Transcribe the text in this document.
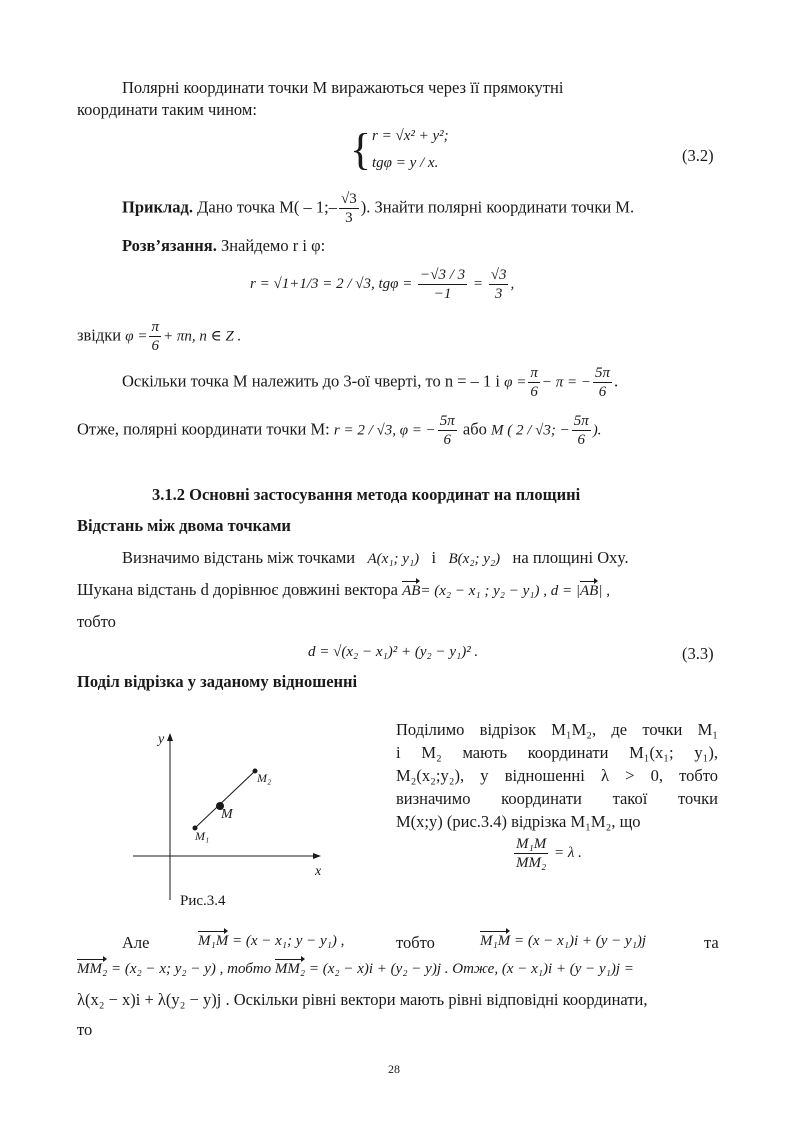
Полярні координати точки M виражаються через її прямокутні
координати таким чином:
{ r = √x² + y²;
tgφ = y / x.	(3.2)
Приклад. Дано точка M( – 1;– $\frac{√3}{3}$ ). Знайти полярні координати точки M.
Розв’язання. Знайдемо r і φ:
r = √1+1/3 = 2 / √3, $tg\varphi = \frac{-√3 / 3}{-1} = \frac{√3}{3}$ ,
звідки $\varphi = \frac{\pi}{6} + \pi n$, n ∈ Z .
Оскільки точка M належить до 3-ої чверті, то n = – 1 і $\varphi = \frac{\pi}{6} - \pi$ = − $\frac{5\pi}{6}$ .
Отже, полярні координати точки M: r = 2 / √3, φ = − $\frac{5\pi}{6}$ або M ( 2 / √3; − $\frac{5\pi}{6}$ ).
3.1.2 Основні застосування метода координат на площині
Відстань між двома точками
Визначимо відстань між точками A(x₁; y₁) і B(x₂; y₂) на площині Oxy.
Шукана відстань d дорівнює довжині вектора AB= (x₂ − x₁ ; y₂ − y₁) , d = |AB| ,
тобто
d = √(x₂ − x₁)² + (y₂ − y₁)² .	(3.3)
Поділ відрізка у заданому відношенні
y
x
M
M₁
M₂
Рис.3.4
Поділимо відрізок M₁M₂, де точки M₁
і M₂ мають координати M₁(x₁; y₁),
M₂(x₂;y₂), у відношенні λ > 0, тобто
визначимо координати такої точки
M(x;y) (рис.3.4) відрізка M₁M₂, що
$\frac{\text{M₁M}}{\text{MM₂}} = \lambda$ .
Але	M₁M = (x − x₁; y − y₁) ,	тобто	M₁M = (x − x₁)i + (y − y₁)j	та
MM₂ = (x₂ − x; y₂ − y) , тобто MM₂ = (x₂ − x)i + (y₂ − y)j . Отже, (x − x₁)i + (y − y₁)j =
λ(x₂ − x)i + λ(y₂ − y)j . Оскільки рівні вектори мають рівні відповідні координати,
то
28
